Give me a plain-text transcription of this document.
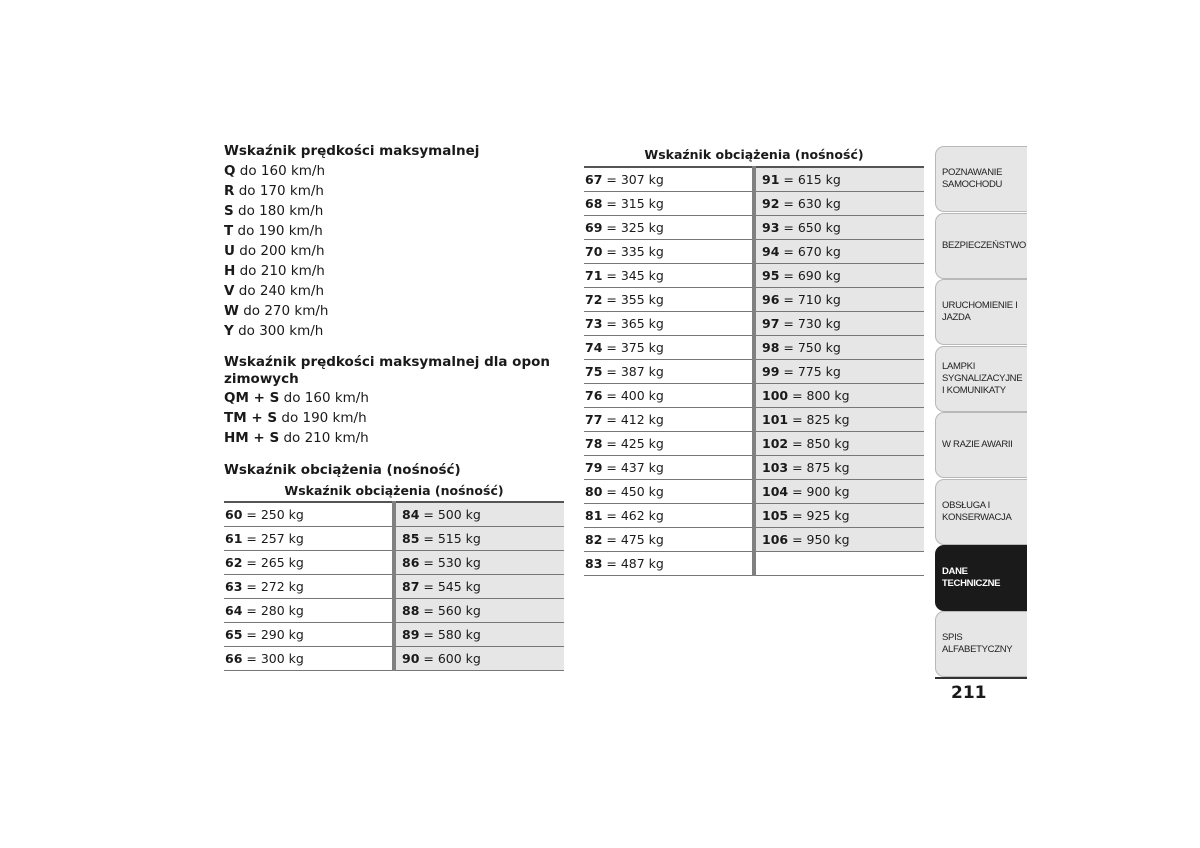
Wskaźnik prędkości maksymalnej
Q do 160 km/h
R do 170 km/h
S do 180 km/h
T do 190 km/h
U do 200 km/h
H do 210 km/h
V do 240 km/h
W do 270 km/h
Y do 300 km/h
Wskaźnik prędkości maksymalnej dla opon zimowych
QM + S do 160 km/h
TM + S do 190 km/h
HM + S do 210 km/h
Wskaźnik obciążenia (nośność)
Wskaźnik obciążenia (nośność)
60 = 250 kg	84 = 500 kg
61 = 257 kg	85 = 515 kg
62 = 265 kg	86 = 530 kg
63 = 272 kg	87 = 545 kg
64 = 280 kg	88 = 560 kg
65 = 290 kg	89 = 580 kg
66 = 300 kg	90 = 600 kg
Wskaźnik obciążenia (nośność)
67 = 307 kg	91 = 615 kg
68 = 315 kg	92 = 630 kg
69 = 325 kg	93 = 650 kg
70 = 335 kg	94 = 670 kg
71 = 345 kg	95 = 690 kg
72 = 355 kg	96 = 710 kg
73 = 365 kg	97 = 730 kg
74 = 375 kg	98 = 750 kg
75 = 387 kg	99 = 775 kg
76 = 400 kg	100 = 800 kg
77 = 412 kg	101 = 825 kg
78 = 425 kg	102 = 850 kg
79 = 437 kg	103 = 875 kg
80 = 450 kg	104 = 900 kg
81 = 462 kg	105 = 925 kg
82 = 475 kg	106 = 950 kg
83 = 487 kg	
POZNAWANIE SAMOCHODU
BEZPIECZEŃSTWO
URUCHOMIENIE I JAZDA
LAMPKI SYGNALIZACYJNE I KOMUNIKATY
W RAZIE AWARII
OBSŁUGA I KONSERWACJA
DANE TECHNICZNE
SPIS ALFABETYCZNY
211
